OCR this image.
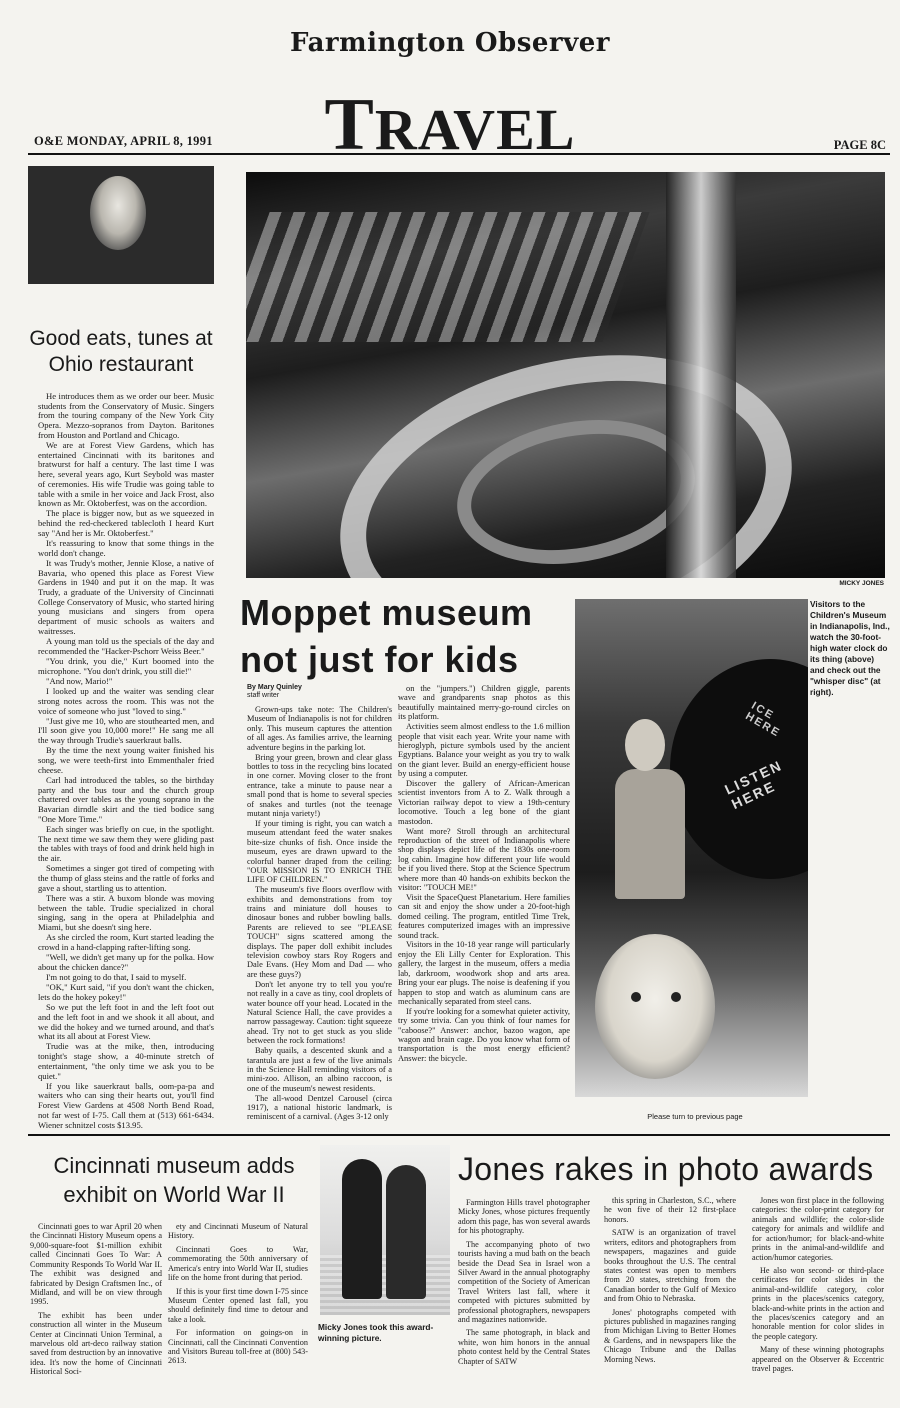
Farmington Observer
TRAVEL
O&E MONDAY, APRIL 8, 1991	PAGE 8C
Good eats, tunes at Ohio restaurant

He introduces them as we order our beer. Music students from the Conservatory of Music. Singers from the touring company of the New York City Opera. Mezzo-sopranos from Dayton. Baritones from Houston and Portland and Chicago.

We are at Forest View Gardens, which has entertained Cincinnati with its baritones and bratwurst for half a century. The last time I was here, several years ago, Kurt Seybold was master of ceremonies. His wife Trudie was going table to table with a smile in her voice and Jack Frost, also known as Mr. Oktoberfest, was on the accordion.

The place is bigger now, but as we squeezed in behind the red-checkered tablecloth I heard Kurt say "And her is Mr. Oktoberfest."

It's reassuring to know that some things in the world don't change.

It was Trudy's mother, Jennie Klose, a native of Bavaria, who opened this place as Forest View Gardens in 1940 and put it on the map. It was Trudy, a graduate of the University of Cincinnati College Conservatory of Music, who started hiring young musicians and singers from opera department of music schools as waiters and waitresses.

A young man told us the specials of the day and recommended the "Hacker-Pschorr Weiss Beer."

"You drink, you die," Kurt boomed into the microphone. "You don't drink, you still die!"

"And now, Mario!"

I looked up and the waiter was sending clear strong notes across the room. This was not the voice of someone who just "loved to sing."

"Just give me 10, who are stouthearted men, and I'll soon give you 10,000 more!" He sang me all the way through Trudie's sauerkraut balls.

By the time the next young waiter finished his song, we were teeth-first into Emmenthaler fried cheese.

Carl had introduced the tables, so the birthday party and the bus tour and the church group chattered over tables as the young soprano in the Bavarian dirndle skirt and the tied bodice sang "One More Time."

Each singer was briefly on cue, in the spotlight. The next time we saw them they were gliding past the tables with trays of food and drink held high in the air.

Sometimes a singer got tired of competing with the thump of glass steins and the rattle of forks and gave a shout, startling us to attention.

There was a stir. A buxom blonde was moving between the table. Trudie specialized in choral singing, sang in the opera at Philadelphia and Miami, but she doesn't sing here.

As she circled the room, Kurt started leading the crowd in a hand-clapping rafter-lifting song.

"Well, we didn't get many up for the polka. How about the chicken dance?"

I'm not going to do that, I said to myself.

"OK," Kurt said, "if you don't want the chicken, lets do the hokey pokey!"

So we put the left foot in and the left foot out and the left foot in and we shook it all about, and we did the hokey and we turned around, and that's what its all about at Forest View.

Trudie was at the mike, then, introducing tonight's stage show, a 40-minute stretch of entertainment, "the only time we ask you to be quiet."

If you like sauerkraut balls, oom-pa-pa and waiters who can sing their hearts out, you'll find Forest View Gardens at 4508 North Bend Road, not far west of I-75. Call them at (513) 661-6434. Wiener schnitzel costs $13.95.

MICKY JONES
Moppet museum not just for kids
By Mary Quinley
staff writer

Grown-ups take note: The Children's Museum of Indianapolis is not for children only. This museum captures the attention of all ages. As families arrive, the learning adventure begins in the parking lot.

Bring your green, brown and clear glass bottles to toss in the recycling bins located in one corner. Moving closer to the front entrance, take a minute to pause near a small pond that is home to several species of snakes and turtles (not the teenage mutant ninja variety!)

If your timing is right, you can watch a museum attendant feed the water snakes bite-size chunks of fish. Once inside the museum, eyes are drawn upward to the colorful banner draped from the ceiling: "OUR MISSION IS TO ENRICH THE LIFE OF CHILDREN."

The museum's five floors overflow with exhibits and demonstrations from toy trains and miniature doll houses to dinosaur bones and rubber bowling balls. Parents are relieved to see "PLEASE TOUCH" signs scattered among the displays. The paper doll exhibit includes television cowboy stars Roy Rogers and Dale Evans. (Hey Mom and Dad — who are these guys?)

Don't let anyone try to tell you you're not really in a cave as tiny, cool droplets of water bounce off your head. Located in the Natural Science Hall, the cave provides a narrow passageway. Caution: tight squeeze ahead. Try not to get stuck as you slide between the rock formations!

Baby quails, a descented skunk and a tarantula are just a few of the live animals in the Science Hall reminding visitors of a mini-zoo. Allison, an albino raccoon, is one of the museum's newest residents.

The all-wood Dentzel Carousel (circa 1917), a national historic landmark, is reminiscent of a carnival. (Ages 3-12 only

on the "jumpers.") Children giggle, parents wave and grandparents snap photos as this beautifully maintained merry-go-round circles on its platform.

Activities seem almost endless to the 1.6 million people that visit each year. Write your name with hieroglyph, picture symbols used by the ancient Egyptians. Balance your weight as you try to walk on the giant lever. Build an energy-efficient house by using a computer.

Discover the gallery of African-American scientist inventors from A to Z. Walk through a Victorian railway depot to view a 19th-century locomotive. Touch a leg bone of the giant mastodon.

Want more? Stroll through an architectural reproduction of the street of Indianapolis where shop displays depict life of the 1830s one-room log cabin. Imagine how different your life would be if you lived there. Stop at the Science Spectrum where more than 40 hands-on exhibits beckon the visitor: "TOUCH ME!"

Visit the SpaceQuest Planetarium. Here families can sit and enjoy the show under a 20-foot-high domed ceiling. The program, entitled Time Trek, features computerized images with an impressive sound track.

Visitors in the 10-18 year range will particularly enjoy the Eli Lilly Center for Exploration. This gallery, the largest in the museum, offers a media lab, darkroom, woodwork shop and arts area. Bring your ear plugs. The noise is deafening if you happen to stop and watch as aluminum cans are mechanically separated from steel cans.

If you're looking for a somewhat quieter activity, try some trivia. Can you think of four names for "caboose?" Answer: anchor, bazoo wagon, ape wagon and brain cage. Do you know what form of transportation is the most energy efficient? Answer: the bicycle.

ICE HERE
LISTEN HERE
Visitors to the Children's Museum in Indianapolis, Ind., watch the 30-foot-high water clock do its thing (above) and check out the "whisper disc" (at right).
Please turn to previous page
Cincinnati museum adds exhibit on World War II

Cincinnati goes to war April 20 when the Cincinnati History Museum opens a 9,000-square-foot $1-million exhibit called Cincinnati Goes To War: A Community Responds To World War II. The exhibit was designed and fabricated by Design Craftsmen Inc., of Midland, and will be on view through 1995.

The exhibit has been under construction all winter in the Museum Center at Cincinnati Union Terminal, a marvelous old art-deco railway station saved from destruction by an innovative idea. It's now the home of Cincinnati Historical Soci-

ety and Cincinnati Museum of Natural History.

Cincinnati Goes to War, commemorating the 50th anniversary of America's entry into World War II, studies life on the home front during that period.

If this is your first time down I-75 since Museum Center opened last fall, you should definitely find time to detour and take a look.

For information on goings-on in Cincinnati, call the Cincinnati Convention and Visitors Bureau toll-free at (800) 543-2613.

Micky Jones took this award-winning picture.
Jones rakes in photo awards

Farmington Hills travel photographer Micky Jones, whose pictures frequently adorn this page, has won several awards for his photography.

The accompanying photo of two tourists having a mud bath on the beach beside the Dead Sea in Israel won a Silver Award in the annual photography competition of the Society of American Travel Writers last fall, where it competed with pictures submitted by professional photographers, newspapers and magazines nationwide.

The same photograph, in black and white, won him honors in the annual photo contest held by the Central States Chapter of SATW

this spring in Charleston, S.C., where he won five of their 12 first-place honors.

SATW is an organization of travel writers, editors and photographers from newspapers, magazines and guide books throughout the U.S. The central states contest was open to members from 20 states, stretching from the Canadian border to the Gulf of Mexico and from Ohio to Nebraska.

Jones' photographs competed with pictures published in magazines ranging from Michigan Living to Better Homes & Gardens, and in newspapers like the Chicago Tribune and the Dallas Morning News.

Jones won first place in the following categories: the color-print category for animals and wildlife; the color-slide category for animals and wildlife and for action/humor; for black-and-white prints in the animal-and-wildlife and action/humor categories.

He also won second- or third-place certificates for color slides in the animal-and-wildlife category, color prints in the places/scenics category, black-and-white prints in the action and the places/scenics category and an honorable mention for color slides in the people category.

Many of these winning photographs appeared on the Observer & Eccentric travel pages.
